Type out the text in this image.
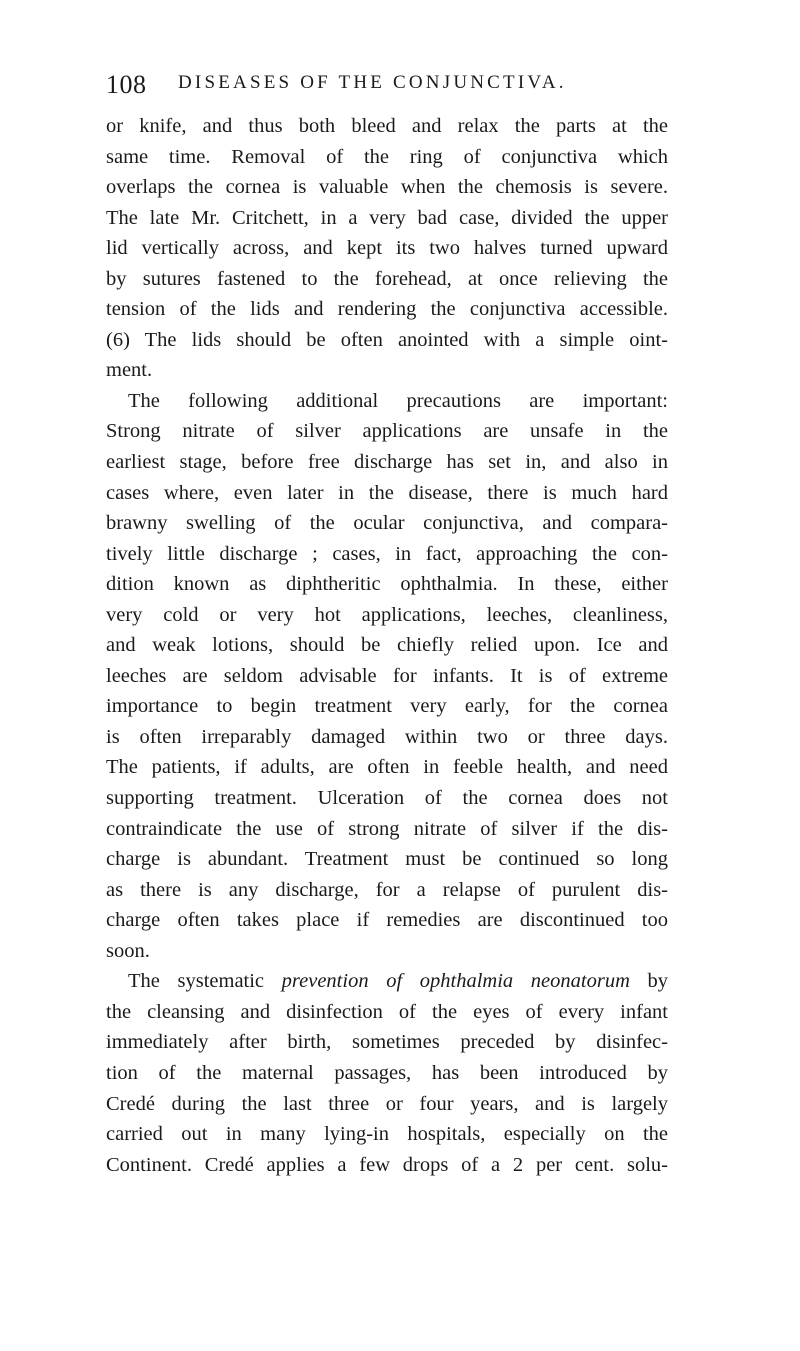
108 DISEASES OF THE CONJUNCTIVA.
or knife, and thus both bleed and relax the parts at the
same time. Removal of the ring of conjunctiva which
overlaps the cornea is valuable when the chemosis is severe.
The late Mr. Critchett, in a very bad case, divided the upper
lid vertically across, and kept its two halves turned upward
by sutures fastened to the forehead, at once relieving the
tension of the lids and rendering the conjunctiva accessible.
(6) The lids should be often anointed with a simple oint-
ment.
The following additional precautions are important:
Strong nitrate of silver applications are unsafe in the
earliest stage, before free discharge has set in, and also in
cases where, even later in the disease, there is much hard
brawny swelling of the ocular conjunctiva, and compara-
tively little discharge ; cases, in fact, approaching the con-
dition known as diphtheritic ophthalmia. In these, either
very cold or very hot applications, leeches, cleanliness,
and weak lotions, should be chiefly relied upon. Ice and
leeches are seldom advisable for infants. It is of extreme
importance to begin treatment very early, for the cornea
is often irreparably damaged within two or three days.
The patients, if adults, are often in feeble health, and need
supporting treatment. Ulceration of the cornea does not
contraindicate the use of strong nitrate of silver if the dis-
charge is abundant. Treatment must be continued so long
as there is any discharge, for a relapse of purulent dis-
charge often takes place if remedies are discontinued too
soon.
The systematic prevention of ophthalmia neonatorum by
the cleansing and disinfection of the eyes of every infant
immediately after birth, sometimes preceded by disinfec-
tion of the maternal passages, has been introduced by
Credé during the last three or four years, and is largely
carried out in many lying-in hospitals, especially on the
Continent. Credé applies a few drops of a 2 per cent. solu-
